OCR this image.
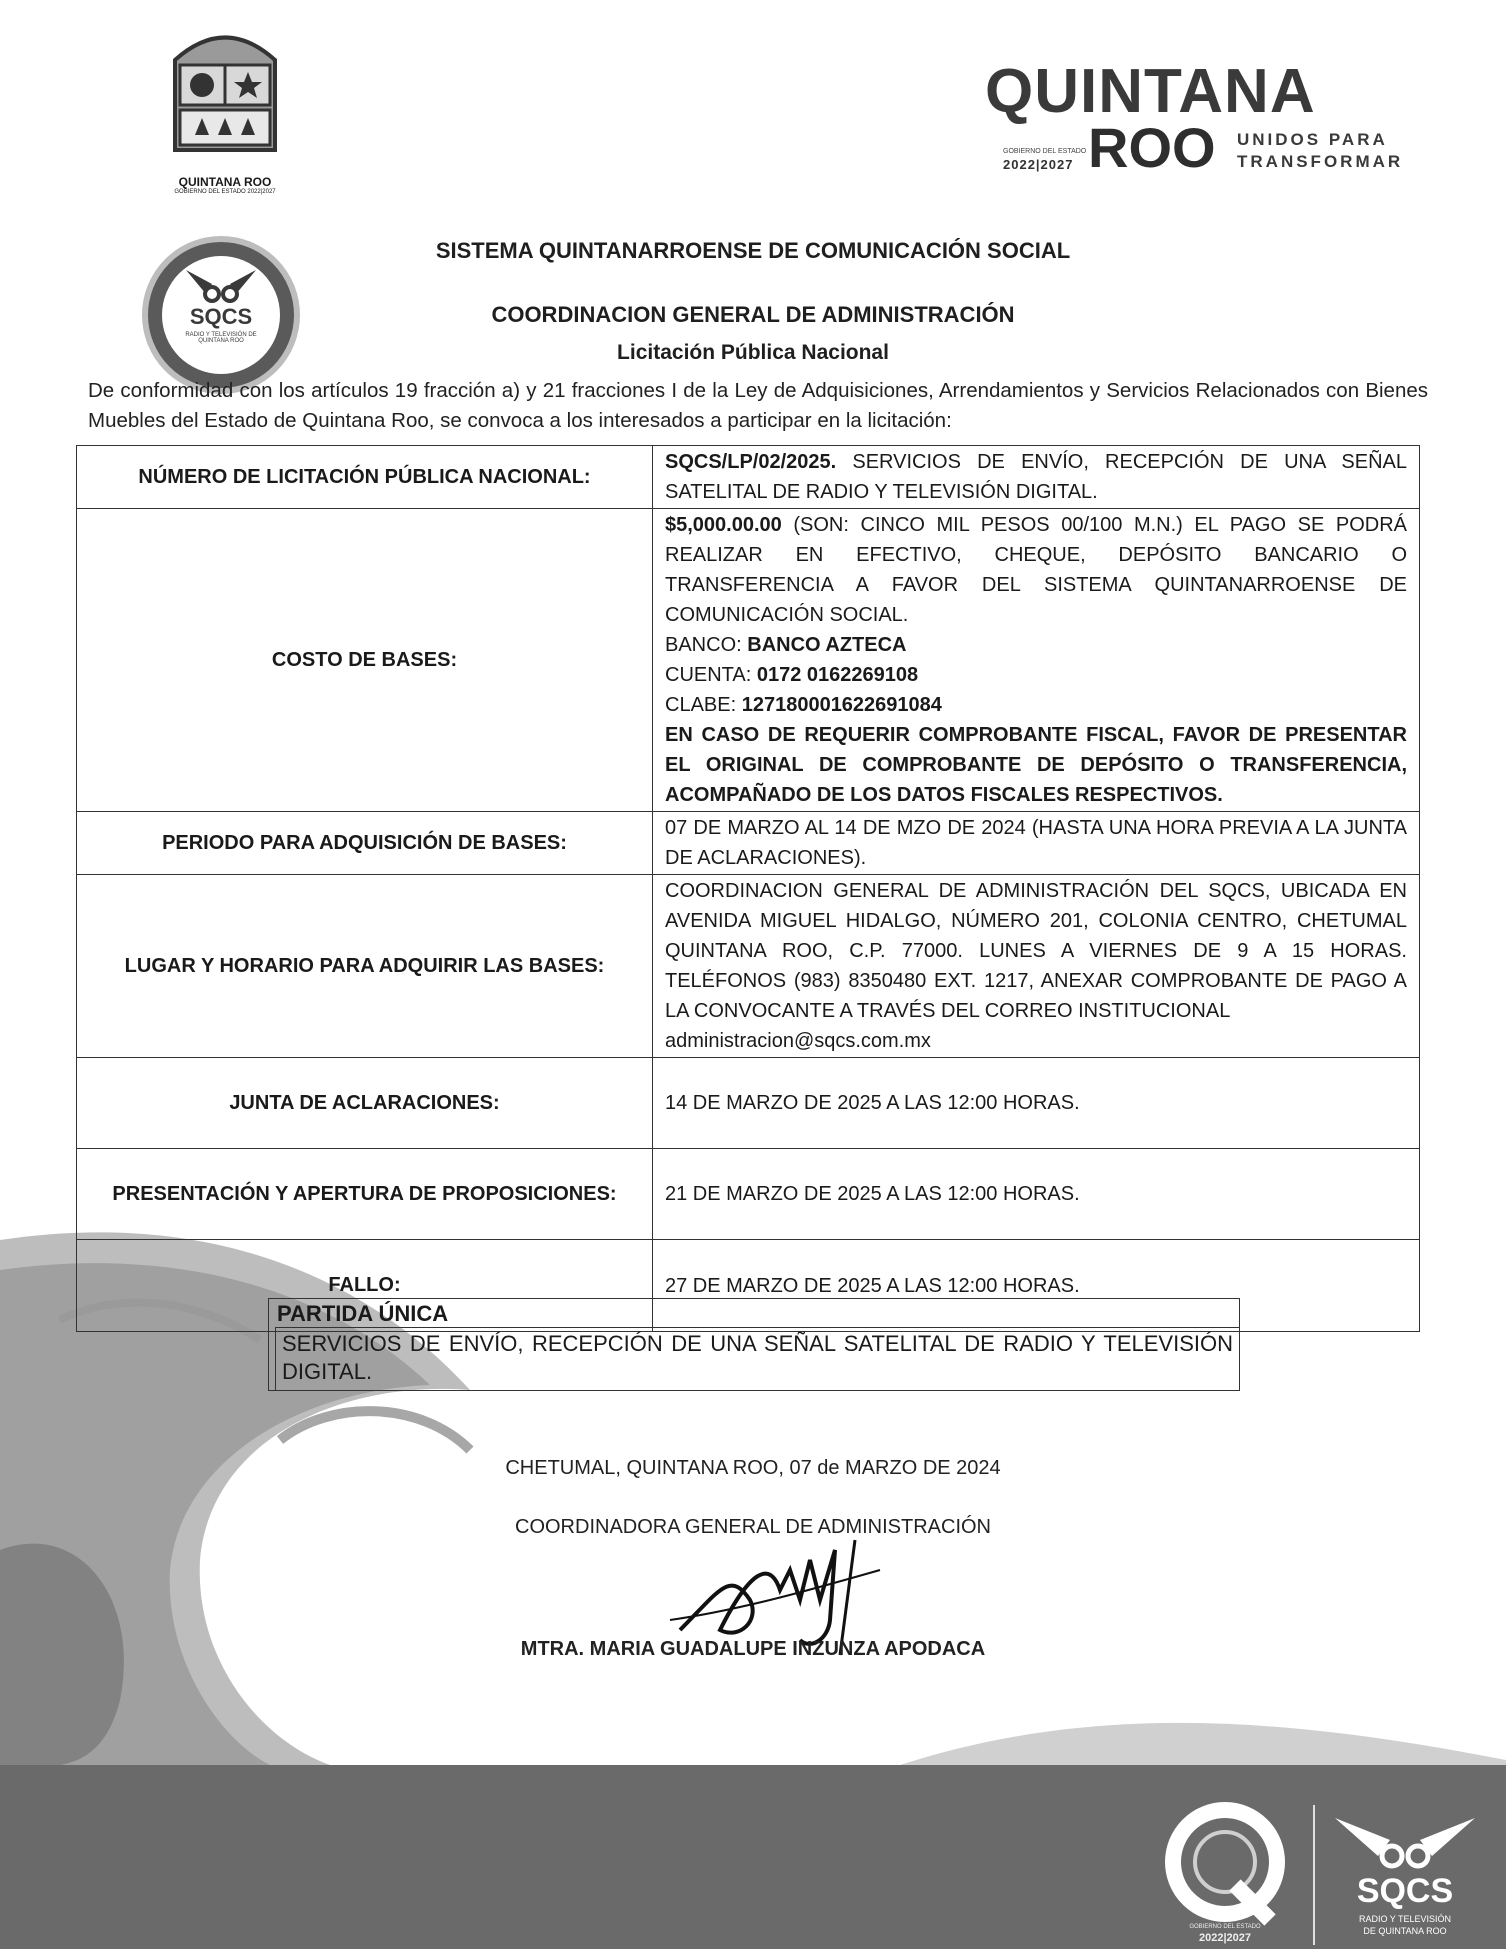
QUINTANA ROO
GOBIERNO DEL ESTADO 2022|2027
QUINTANA
GOBIERNO DEL ESTADO
2022|2027 ROO UNIDOS PARA
TRANSFORMAR
SQCS
RADIO Y TELEVISIÓN DE QUINTANA ROO
SISTEMA QUINTANARROENSE DE COMUNICACIÓN SOCIAL
COORDINACION GENERAL DE ADMINISTRACIÓN
Licitación Pública Nacional
De conformidad con los artículos 19 fracción a) y 21 fracciones I de la Ley de Adquisiciones, Arrendamientos y Servicios Relacionados con Bienes Muebles del Estado de Quintana Roo, se convoca a los interesados a participar en la licitación:
NÚMERO DE LICITACIÓN PÚBLICA NACIONAL:	SQCS/LP/02/2025. SERVICIOS DE ENVÍO, RECEPCIÓN DE UNA SEÑAL SATELITAL DE RADIO Y TELEVISIÓN DIGITAL.
COSTO DE BASES:	$5,000.00.00 (SON: CINCO MIL PESOS 00/100 M.N.) EL PAGO SE PODRÁ REALIZAR EN EFECTIVO, CHEQUE, DEPÓSITO BANCARIO O TRANSFERENCIA A FAVOR DEL SISTEMA QUINTANARROENSE DE COMUNICACIÓN SOCIAL.
BANCO: BANCO AZTECA
CUENTA: 0172 0162269108
CLABE: 127180001622691084
EN CASO DE REQUERIR COMPROBANTE FISCAL, FAVOR DE PRESENTAR EL ORIGINAL DE COMPROBANTE DE DEPÓSITO O TRANSFERENCIA, ACOMPAÑADO DE LOS DATOS FISCALES RESPECTIVOS.
PERIODO PARA ADQUISICIÓN DE BASES:	07 DE MARZO AL 14 DE MZO DE 2024 (HASTA UNA HORA PREVIA A LA JUNTA DE ACLARACIONES).
LUGAR Y HORARIO PARA ADQUIRIR LAS BASES:	COORDINACION GENERAL DE ADMINISTRACIÓN DEL SQCS, UBICADA EN AVENIDA MIGUEL HIDALGO, NÚMERO 201, COLONIA CENTRO, CHETUMAL QUINTANA ROO, C.P. 77000. LUNES A VIERNES DE 9 A 15 HORAS. TELÉFONOS (983) 8350480 EXT. 1217, ANEXAR COMPROBANTE DE PAGO A LA CONVOCANTE A TRAVÉS DEL CORREO INSTITUCIONAL
administracion@sqcs.com.mx
JUNTA DE ACLARACIONES:	14 DE MARZO DE 2025 A LAS 12:00 HORAS.
PRESENTACIÓN Y APERTURA DE PROPOSICIONES:	21 DE MARZO DE 2025 A LAS 12:00 HORAS.
FALLO:	27 DE MARZO DE 2025 A LAS 12:00 HORAS.
PARTIDA ÚNICA
SERVICIOS DE ENVÍO, RECEPCIÓN DE UNA SEÑAL SATELITAL DE RADIO Y TELEVISIÓN DIGITAL.
CHETUMAL, QUINTANA ROO, 07 de MARZO DE 2024
COORDINADORA GENERAL DE ADMINISTRACIÓN
MTRA. MARIA GUADALUPE INZUNZA APODACA
GOBIERNO DEL ESTADO
2022|2027
SQCS
RADIO Y TELEVISIÓN
DE QUINTANA ROO
